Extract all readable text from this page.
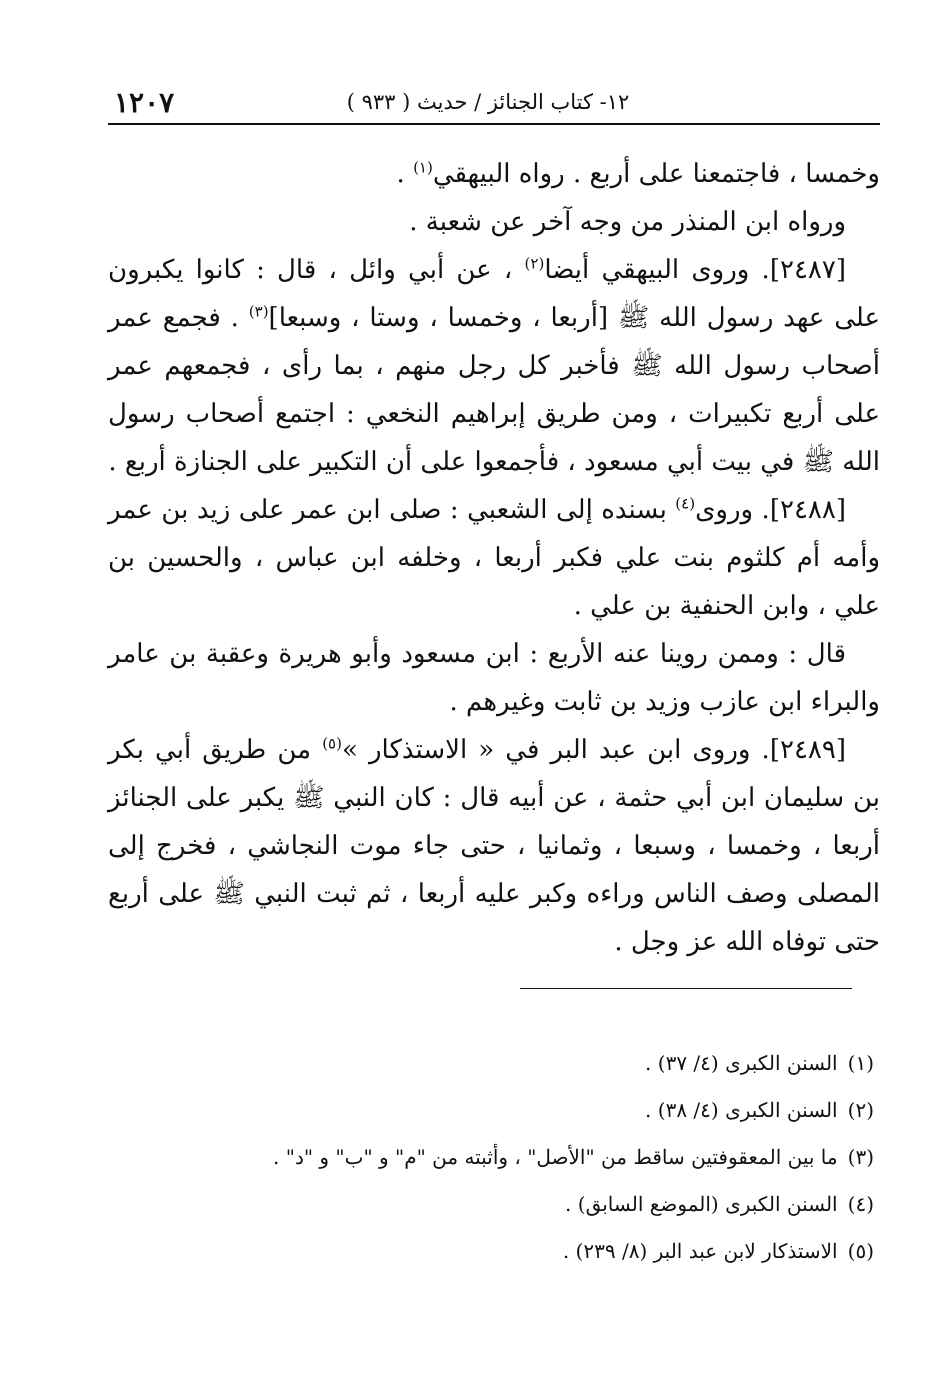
١٢٠٧	١٢- كتاب الجنائز / حديث ( ٩٣٣ )

وخمسا ، فاجتمعنا على أربع . رواه البيهقي$^{(١)}$ .

ورواه ابن المنذر من وجه آخر عن شعبة .

[٢٤٨٧]. وروى البيهقي أيضا$^{(٢)}$ ، عن أبي وائل ، قال : كانوا يكبرون على عهد رسول الله ﷺ [أربعا ، وخمسا ، وستا ، وسبعا]$^{(٣)}$ . فجمع عمر أصحاب رسول الله ﷺ فأخبر كل رجل منهم ، بما رأى ، فجمعهم عمر على أربع تكبيرات ، ومن طريق إبراهيم النخعي : اجتمع أصحاب رسول الله ﷺ في بيت أبي مسعود ، فأجمعوا على أن التكبير على الجنازة أربع .

[٢٤٨٨]. وروى$^{(٤)}$ بسنده إلى الشعبي : صلى ابن عمر على زيد بن عمر وأمه أم كلثوم بنت علي فكبر أربعا ، وخلفه ابن عباس ، والحسين بن علي ، وابن الحنفية بن علي .

قال : وممن روينا عنه الأربع : ابن مسعود وأبو هريرة وعقبة بن عامر والبراء ابن عازب وزيد بن ثابت وغيرهم .

[٢٤٨٩]. وروى ابن عبد البر في « الاستذكار »$^{(٥)}$ من طريق أبي بكر بن سليمان ابن أبي حثمة ، عن أبيه قال : كان النبي ﷺ يكبر على الجنائز أربعا ، وخمسا ، وسبعا ، وثمانيا ، حتى جاء موت النجاشي ، فخرج إلى المصلى وصف الناس وراءه وكبر عليه أربعا ، ثم ثبت النبي ﷺ على أربع حتى توفاه الله عز وجل .

(١)السنن الكبرى (٤/ ٣٧) .
(٢)السنن الكبرى (٤/ ٣٨) .
(٣)ما بين المعقوفتين ساقط من "الأصل" ، وأثبته من "م" و "ب" و "د" .
(٤)السنن الكبرى (الموضع السابق) .
(٥)الاستذكار لابن عبد البر (٨/ ٢٣٩) .
